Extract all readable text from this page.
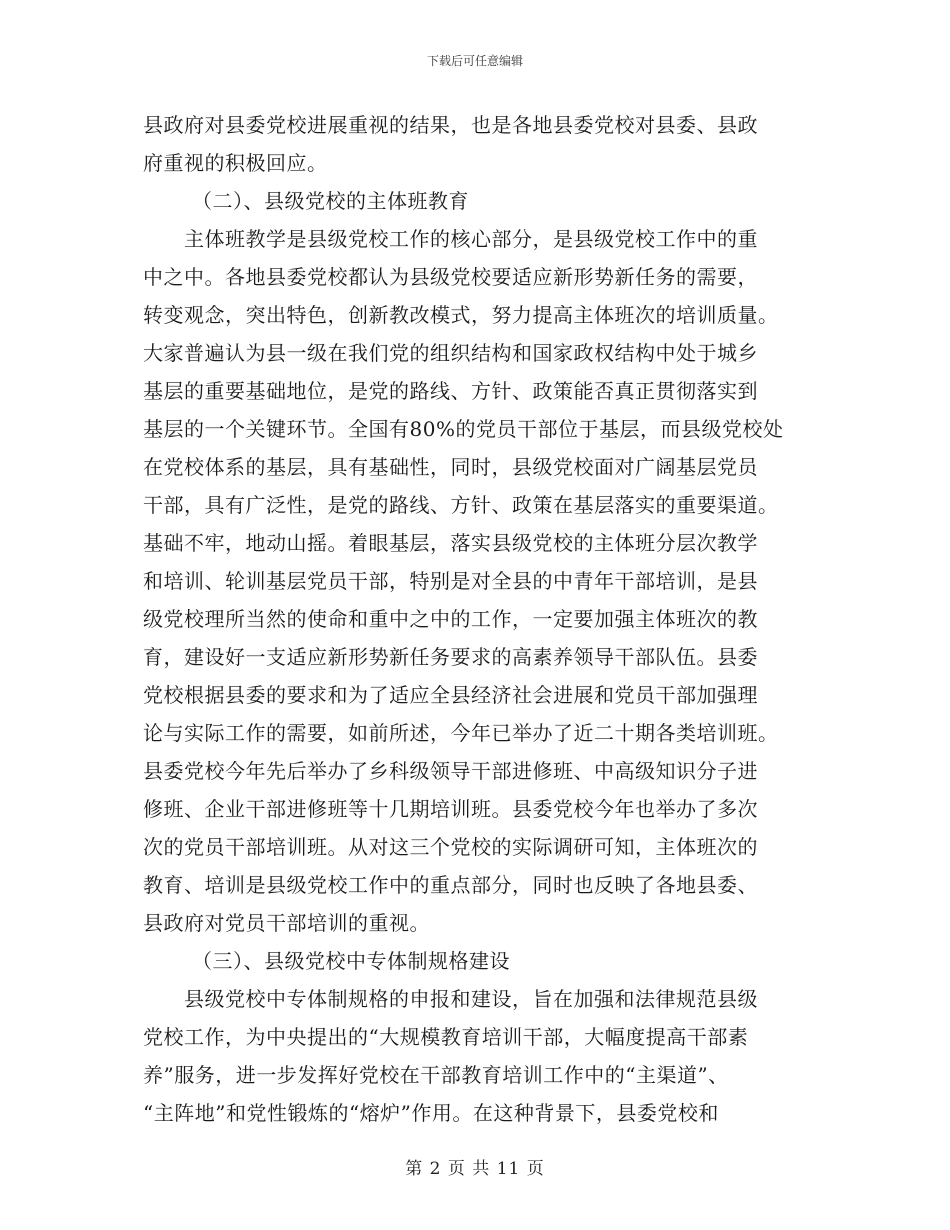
下载后可任意编辑
县政府对县委党校进展重视的结果，也是各地县委党校对县委、县政
府重视的积极回应。
（二）、县级党校的主体班教育
主体班教学是县级党校工作的核心部分，是县级党校工作中的重
中之中。各地县委党校都认为县级党校要适应新形势新任务的需要，
转变观念，突出特色，创新教改模式，努力提高主体班次的培训质量。
大家普遍认为县一级在我们党的组织结构和国家政权结构中处于城乡
基层的重要基础地位，是党的路线、方针、政策能否真正贯彻落实到
基层的一个关键环节。全国有80%的党员干部位于基层，而县级党校处
在党校体系的基层，具有基础性，同时，县级党校面对广阔基层党员
干部，具有广泛性，是党的路线、方针、政策在基层落实的重要渠道。
基础不牢，地动山摇。着眼基层，落实县级党校的主体班分层次教学
和培训、轮训基层党员干部，特别是对全县的中青年干部培训，是县
级党校理所当然的使命和重中之中的工作，一定要加强主体班次的教
育，建设好一支适应新形势新任务要求的高素养领导干部队伍。县委
党校根据县委的要求和为了适应全县经济社会进展和党员干部加强理
论与实际工作的需要，如前所述，今年已举办了近二十期各类培训班。
县委党校今年先后举办了乡科级领导干部进修班、中高级知识分子进
修班、企业干部进修班等十几期培训班。县委党校今年也举办了多次
次的党员干部培训班。从对这三个党校的实际调研可知，主体班次的
教育、培训是县级党校工作中的重点部分，同时也反映了各地县委、
县政府对党员干部培训的重视。
（三）、县级党校中专体制规格建设
县级党校中专体制规格的申报和建设，旨在加强和法律规范县级
党校工作，为中央提出的“大规模教育培训干部，大幅度提高干部素
养”服务，进一步发挥好党校在干部教育培训工作中的“主渠道”、
“主阵地”和党性锻炼的“熔炉”作用。在这种背景下，县委党校和
第 2 页 共 11 页
